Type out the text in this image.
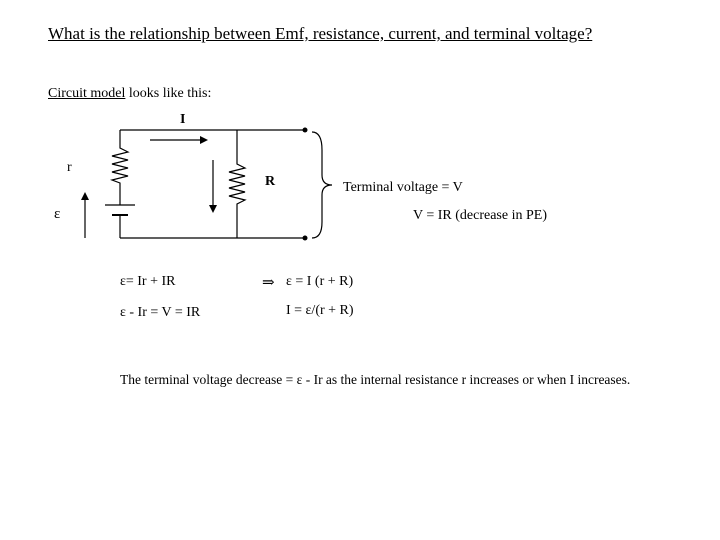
What is the relationship between Emf, resistance, current, and terminal voltage?
Circuit model looks like this:
I
r
R
ε
Terminal voltage = V
V = IR (decrease in PE)
ε= Ir + IR
ε - Ir = V = IR
⇒ ε = I (r + R)
I = ε/(r + R)
The terminal voltage decrease = ε - Ir as the internal resistance r increases or when I increases.
